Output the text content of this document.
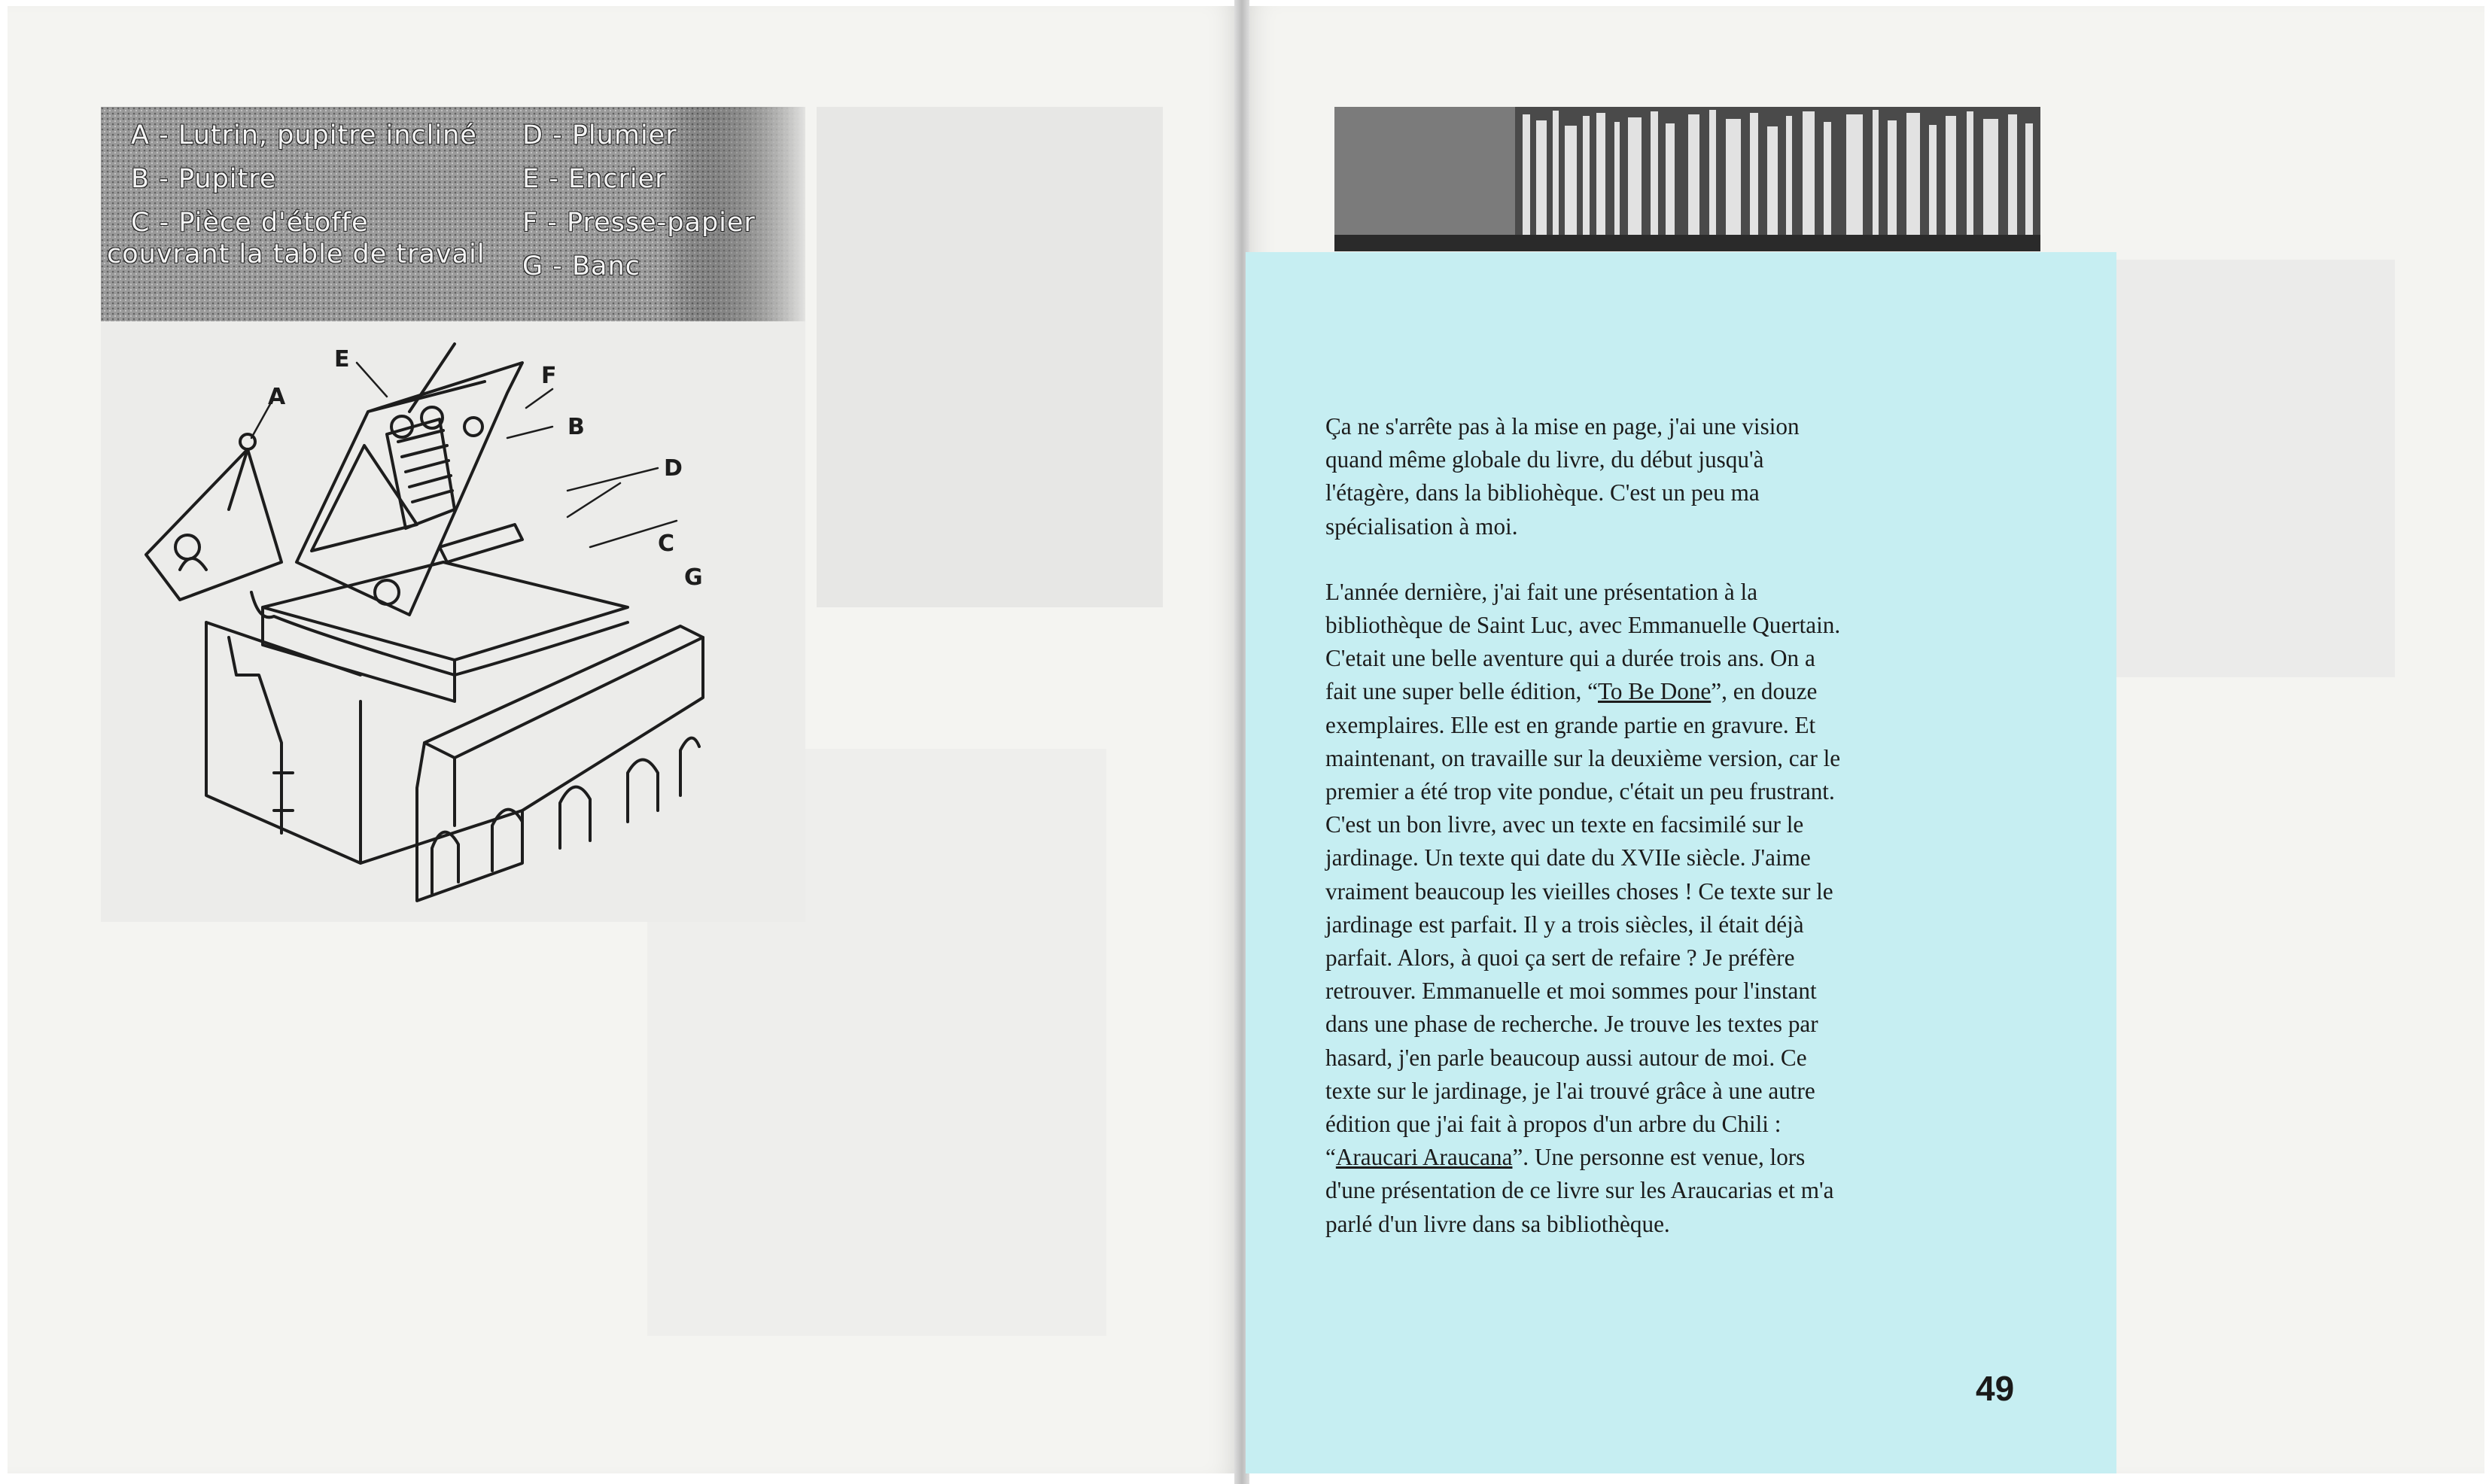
A - Lutrin, pupitre incliné
B - Pupitre
C - Pièce d'étoffe
couvrant la table de travail
D - Plumier
E - Encrier
F - Presse-papier
G - Banc
A
E
F
B
D
C
G

Ça ne s'arrête pas à la mise en page, j'ai une vision quand même globale du livre, du début jusqu'à l'étagère, dans la bibliohèque. C'est un peu ma spécialisation à moi.

L'année dernière, j'ai fait une présentation à la bibliothèque de Saint Luc, avec Emmanuelle Quertain. C'etait une belle aventure qui a durée trois ans. On a fait une super belle édition, “To Be Done”, en douze exemplaires. Elle est en grande partie en gravure. Et maintenant, on travaille sur la deuxième version, car le premier a été trop vite pondue, c'était un peu frustrant. C'est un bon livre, avec un texte en facsimilé sur le jardinage. Un texte qui date du XVIIe siècle. J'aime vraiment beaucoup les vieilles choses ! Ce texte sur le jardinage est parfait. Il y a trois siècles, il était déjà parfait. Alors, à quoi ça sert de refaire ? Je préfère retrouver. Emmanuelle et moi sommes pour l'instant dans une phase de recherche. Je trouve les textes par hasard, j'en parle beaucoup aussi autour de moi. Ce texte sur le jardinage, je l'ai trouvé grâce à une autre édition que j'ai fait à propos d'un arbre du Chili : “Araucari Araucana”. Une personne est venue, lors d'une présentation de ce livre sur les Araucarias et m'a parlé d'un livre dans sa bibliothèque.

49
